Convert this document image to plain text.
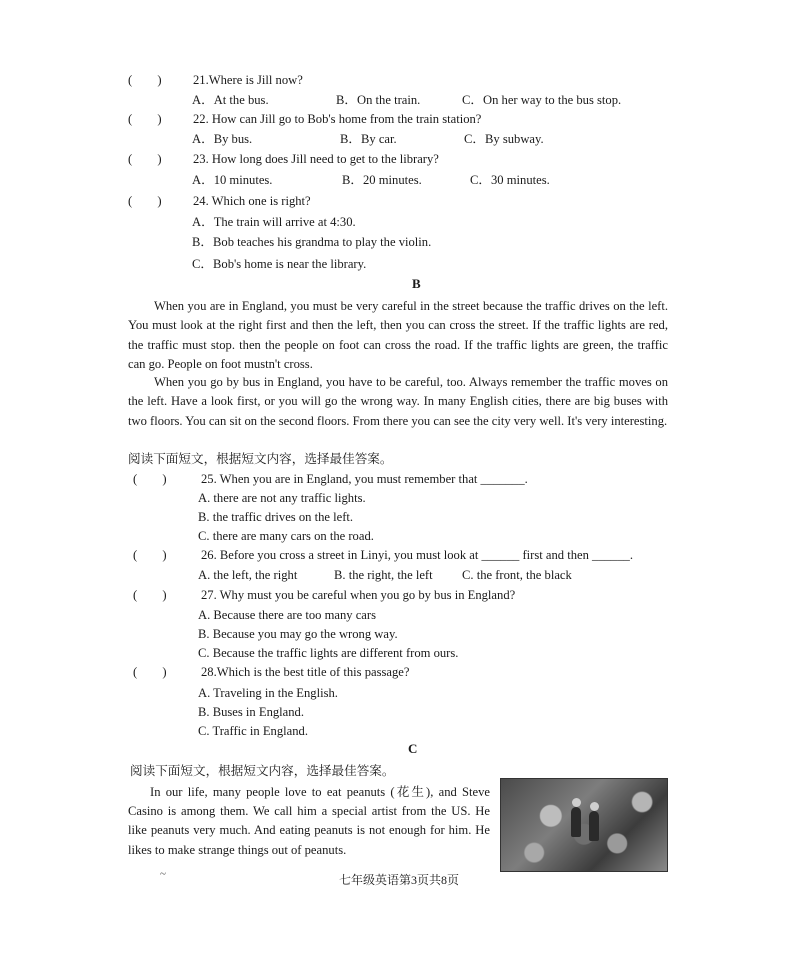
(　　) 21.Where is Jill now?
A．At the bus.	B．On the train.	C．On her way to the bus stop.
(　　) 22. How can Jill go to Bob's home from the train station?
A．By bus.	B．By car.	C．By subway.
(　　) 23. How long does Jill need to get to the library?
A．10 minutes.	B．20 minutes.	C．30 minutes.
(　　) 24. Which one is right?
A．The train will arrive at 4:30.
B．Bob teaches his grandma to play the violin.
C．Bob's home is near the library.
B
When you are in England, you must be very careful in the street because the traffic drives on the left. You must look at the right first and then the left, then you can cross the street. If the traffic lights are red, the traffic must stop. then the people on foot can cross the road. If the traffic lights are green, the traffic can go. People on foot mustn't cross.
When you go by bus in England, you have to be careful, too. Always remember the traffic moves on the left. Have a look first, or you will go the wrong way. In many English cities, there are big buses with two floors. You can sit on the second floors. From there you can see the city very well. It's very interesting.
阅读下面短文，根据短文内容，选择最佳答案。
(　　)	25. When you are in England, you must remember that _______.
A. there are not any traffic lights.
B. the traffic drives on the left.
C. there are many cars on the road.
(　　)	26. Before you cross a street in Linyi, you must look at ______ first and then ______.
A. the left, the right	B. the right, the left C. the front, the black
(　　)	27. Why must you be careful when you go by bus in England?
A. Because there are too many cars
B. Because you may go the wrong way.
C. Because the traffic lights are different from ours.
(　　)	28.Which is the best title of this passage?
A. Traveling in the English.
B. Buses in England.
C. Traffic in England.
C
阅读下面短文，根据短文内容，选择最佳答案。
In our life, many people love to eat peanuts (花生), and Steve Casino is among them. We call him a special artist from the US. He like peanuts very much. And eating peanuts is not enough for him. He likes to make strange things out of peanuts.
~	七年级英语第3页共8页
